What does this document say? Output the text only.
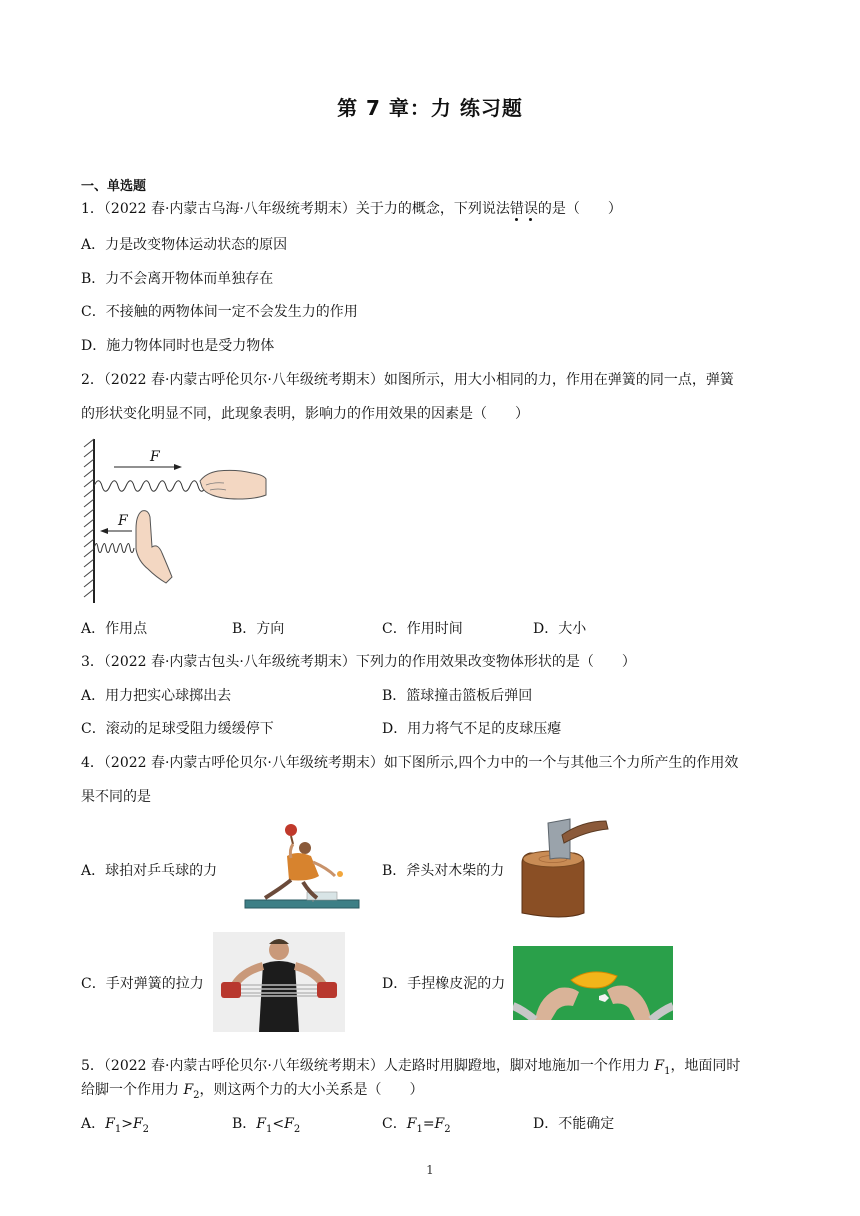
第 7 章：力 练习题
一、单选题
1．（2022 春·内蒙古乌海·八年级统考期末）关于力的概念，下列说法错误的是（　　）
A．力是改变物体运动状态的原因
B．力不会离开物体而单独存在
C．不接触的两物体间一定不会发生力的作用
D．施力物体同时也是受力物体
2．（2022 春·内蒙古呼伦贝尔·八年级统考期末）如图所示，用大小相同的力，作用在弹簧的同一点，弹簧
的形状变化明显不同，此现象表明，影响力的作用效果的因素是（　　）
F
F
A．作用点	B．方向	C．作用时间	D．大小
3．（2022 春·内蒙古包头·八年级统考期末）下列力的作用效果改变物体形状的是（　　）
A．用力把实心球掷出去	B．篮球撞击篮板后弹回
C．滚动的足球受阻力缓缓停下	D．用力将气不足的皮球压瘪
4．（2022 春·内蒙古呼伦贝尔·八年级统考期末）如下图所示,四个力中的一个与其他三个力所产生的作用效
果不同的是
A．球拍对乒乓球的力	B．斧头对木柴的力
C．手对弹簧的拉力	D．手捏橡皮泥的力
5．（2022 春·内蒙古呼伦贝尔·八年级统考期末）人走路时用脚蹬地，脚对地施加一个作用力 $F_1$，地面同时
给脚一个作用力 $F_2$，则这两个力的大小关系是（　　）
A．$F_1>F_2$	B．$F_1<F_2$	C．$F_1=F_2$	D．不能确定
1
